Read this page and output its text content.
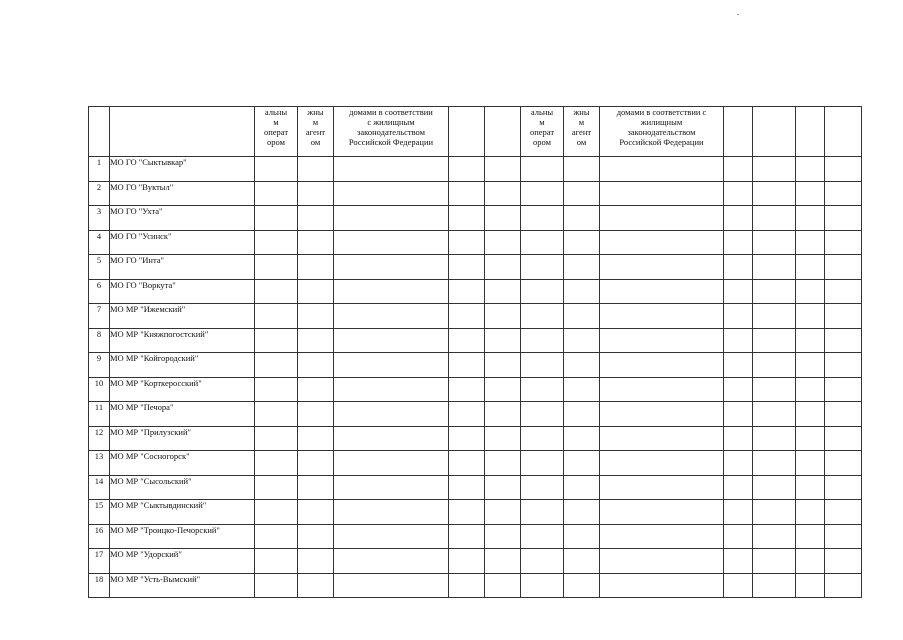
		альны
м
операт
ором	жны
м
агент
ом	домами в соответствии
с жилищным
законодательством
Российской Федерации			альны
м
операт
ором	жны
м
агент
ом	домами в соответствии с
жилищным
законодательством
Российской Федерации				

1	МО ГО "Сыктывкар"												
2	МО ГО "Вуктыл"												
3	МО ГО "Ухта"												
4	МО ГО "Усинск"												
5	МО ГО "Инта"												
6	МО ГО "Воркута"												
7	МО МР "Ижемский"												
8	МО МР "Княжпогостский"												
9	МО МР "Койгородский"												
10	МО МР "Корткеросский"												
11	МО МР "Печора"												
12	МО МР "Прилузский"												
13	МО МР "Сосногорск"												
14	МО МР "Сысольский"												
15	МО МР "Сыктывдинский"												
16	МО МР "Троицко-Печорский"												
17	МО МР "Удорский"												
18	МО МР "Усть-Вымский"												
